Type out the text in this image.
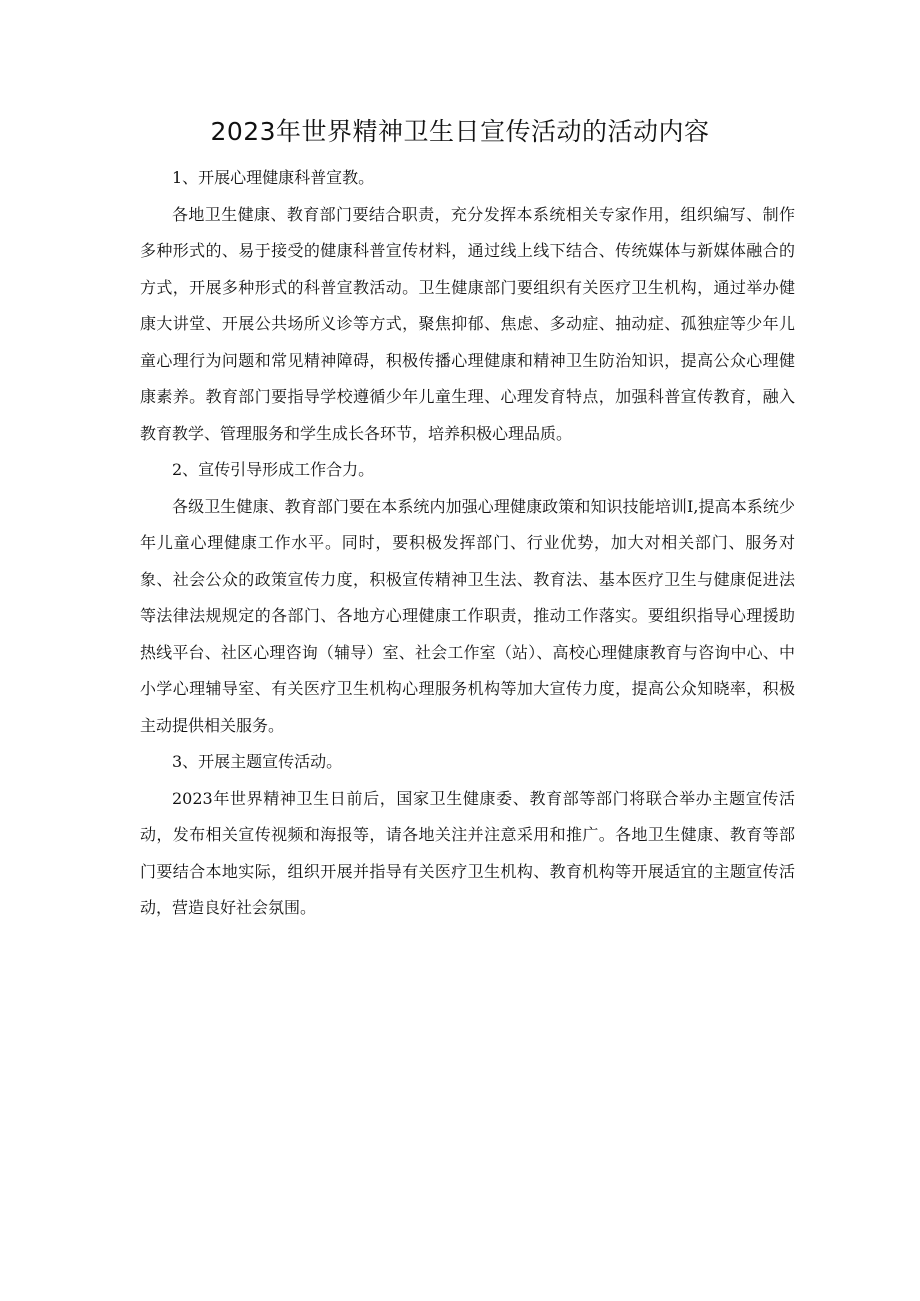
2023年世界精神卫生日宣传活动的活动内容

1、开展心理健康科普宣教。

各地卫生健康、教育部门要结合职责，充分发挥本系统相关专家作用，组织编写、制作多种形式的、易于接受的健康科普宣传材料，通过线上线下结合、传统媒体与新媒体融合的方式，开展多种形式的科普宣教活动。卫生健康部门要组织有关医疗卫生机构，通过举办健康大讲堂、开展公共场所义诊等方式，聚焦抑郁、焦虑、多动症、抽动症、孤独症等少年儿童心理行为问题和常见精神障碍，积极传播心理健康和精神卫生防治知识，提高公众心理健康素养。教育部门要指导学校遵循少年儿童生理、心理发育特点，加强科普宣传教育，融入教育教学、管理服务和学生成长各环节，培养积极心理品质。

2、宣传引导形成工作合力。

各级卫生健康、教育部门要在本系统内加强心理健康政策和知识技能培训I,提高本系统少年儿童心理健康工作水平。同时，要积极发挥部门、行业优势，加大对相关部门、服务对象、社会公众的政策宣传力度，积极宣传精神卫生法、教育法、基本医疗卫生与健康促进法等法律法规规定的各部门、各地方心理健康工作职责，推动工作落实。要组织指导心理援助热线平台、社区心理咨询（辅导）室、社会工作室（站）、高校心理健康教育与咨询中心、中小学心理辅导室、有关医疗卫生机构心理服务机构等加大宣传力度，提高公众知晓率，积极主动提供相关服务。

3、开展主题宣传活动。

2023年世界精神卫生日前后，国家卫生健康委、教育部等部门将联合举办主题宣传活动，发布相关宣传视频和海报等，请各地关注并注意采用和推广。各地卫生健康、教育等部门要结合本地实际，组织开展并指导有关医疗卫生机构、教育机构等开展适宜的主题宣传活动，营造良好社会氛围。
